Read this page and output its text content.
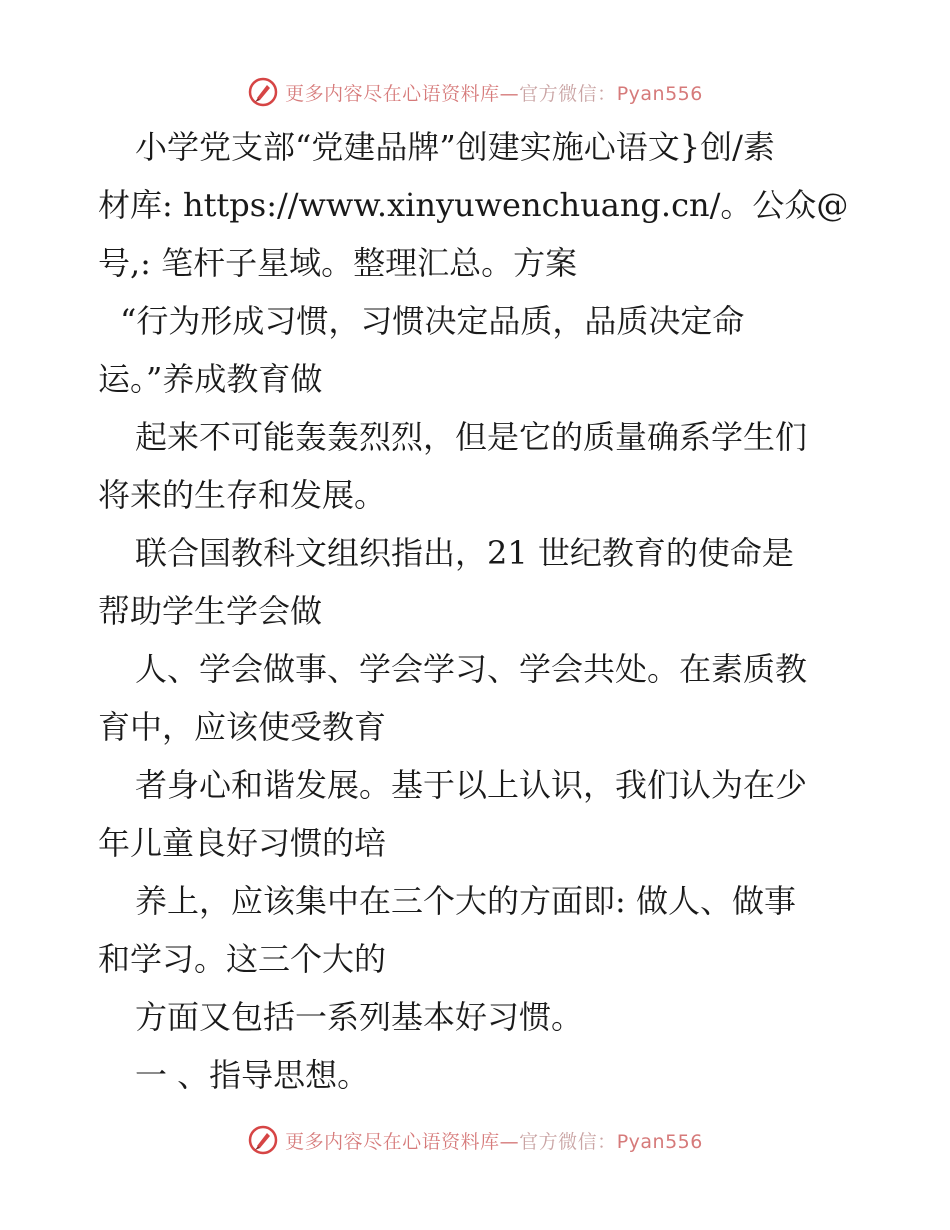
更多内容尽在心语资料库—官方微信：Pyan556
小学党支部“党建品牌”创建实施心语文}创/素
材库: https://www.xinyuwenchuang.cn/。公众@
号,: 笔杆子星域。整理汇总。方案
“行为形成习惯，习惯决定品质，品质决定命
运。”养成教育做
起来不可能轰轰烈烈，但是它的质量确系学生们
将来的生存和发展。
联合国教科文组织指出，21 世纪教育的使命是
帮助学生学会做
人、学会做事、学会学习、学会共处。在素质教
育中，应该使受教育
者身心和谐发展。基于以上认识，我们认为在少
年儿童良好习惯的培
养上，应该集中在三个大的方面即: 做人、做事
和学习。这三个大的
方面又包括一系列基本好习惯。
一 、指导思想。
更多内容尽在心语资料库—官方微信：Pyan556
